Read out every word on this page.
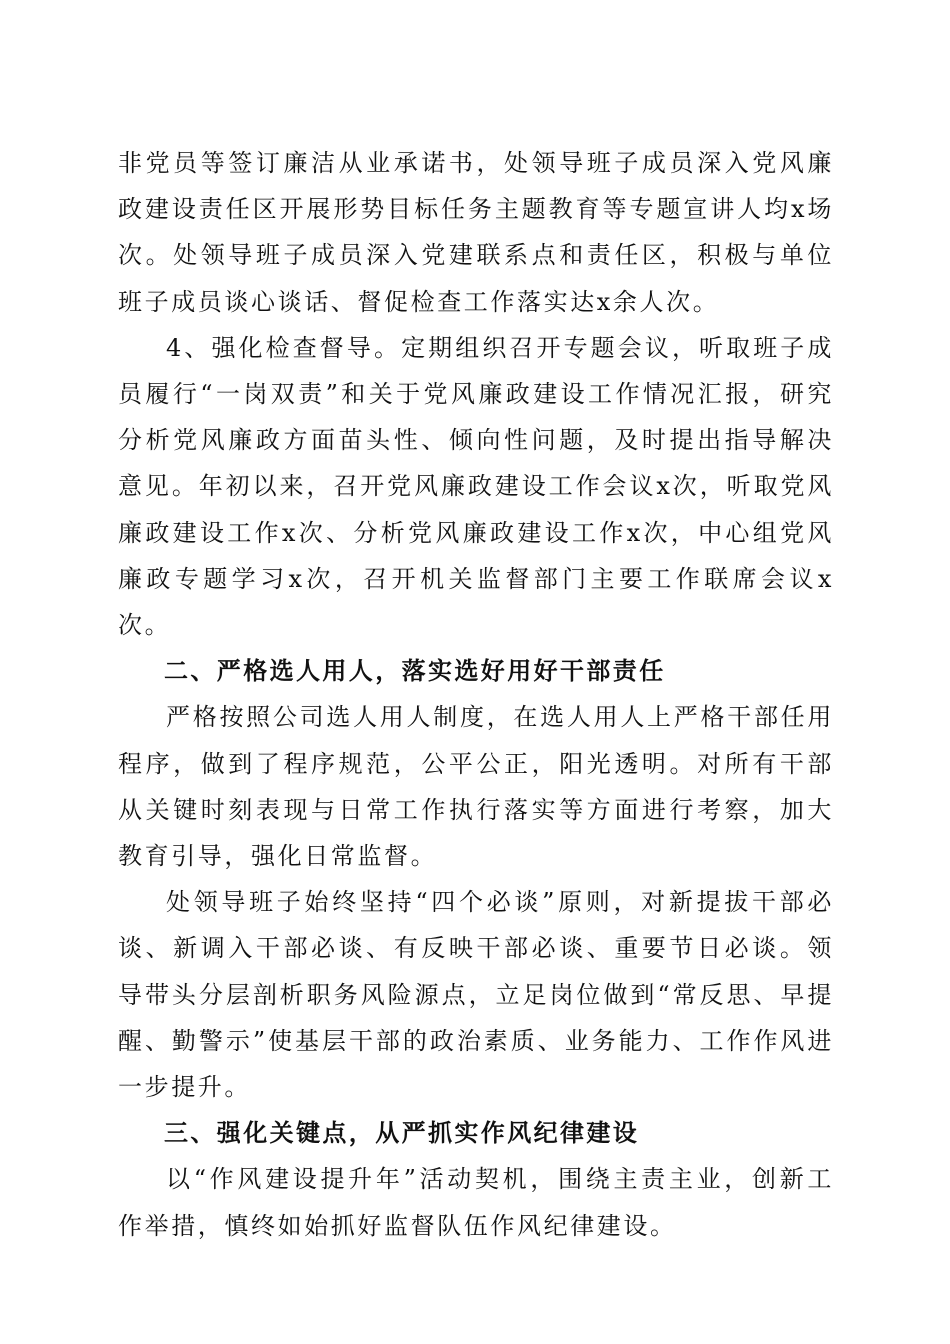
非党员等签订廉洁从业承诺书，处领导班子成员深入党风廉政建设责任区开展形势目标任务主题教育等专题宣讲人均x场次。处领导班子成员深入党建联系点和责任区，积极与单位班子成员谈心谈话、督促检查工作落实达x余人次。

4、强化检查督导。定期组织召开专题会议，听取班子成员履行“一岗双责”和关于党风廉政建设工作情况汇报，研究分析党风廉政方面苗头性、倾向性问题，及时提出指导解决意见。年初以来，召开党风廉政建设工作会议x次，听取党风廉政建设工作x次、分析党风廉政建设工作x次，中心组党风廉政专题学习x次，召开机关监督部门主要工作联席会议x次。

二、严格选人用人，落实选好用好干部责任

严格按照公司选人用人制度，在选人用人上严格干部任用程序，做到了程序规范，公平公正，阳光透明。对所有干部从关键时刻表现与日常工作执行落实等方面进行考察，加大教育引导，强化日常监督。

处领导班子始终坚持“四个必谈”原则，对新提拔干部必谈、新调入干部必谈、有反映干部必谈、重要节日必谈。领导带头分层剖析职务风险源点，立足岗位做到“常反思、早提醒、勤警示”使基层干部的政治素质、业务能力、工作作风进一步提升。

三、强化关键点，从严抓实作风纪律建设

以“作风建设提升年”活动契机，围绕主责主业，创新工作举措，慎终如始抓好监督队伍作风纪律建设。
